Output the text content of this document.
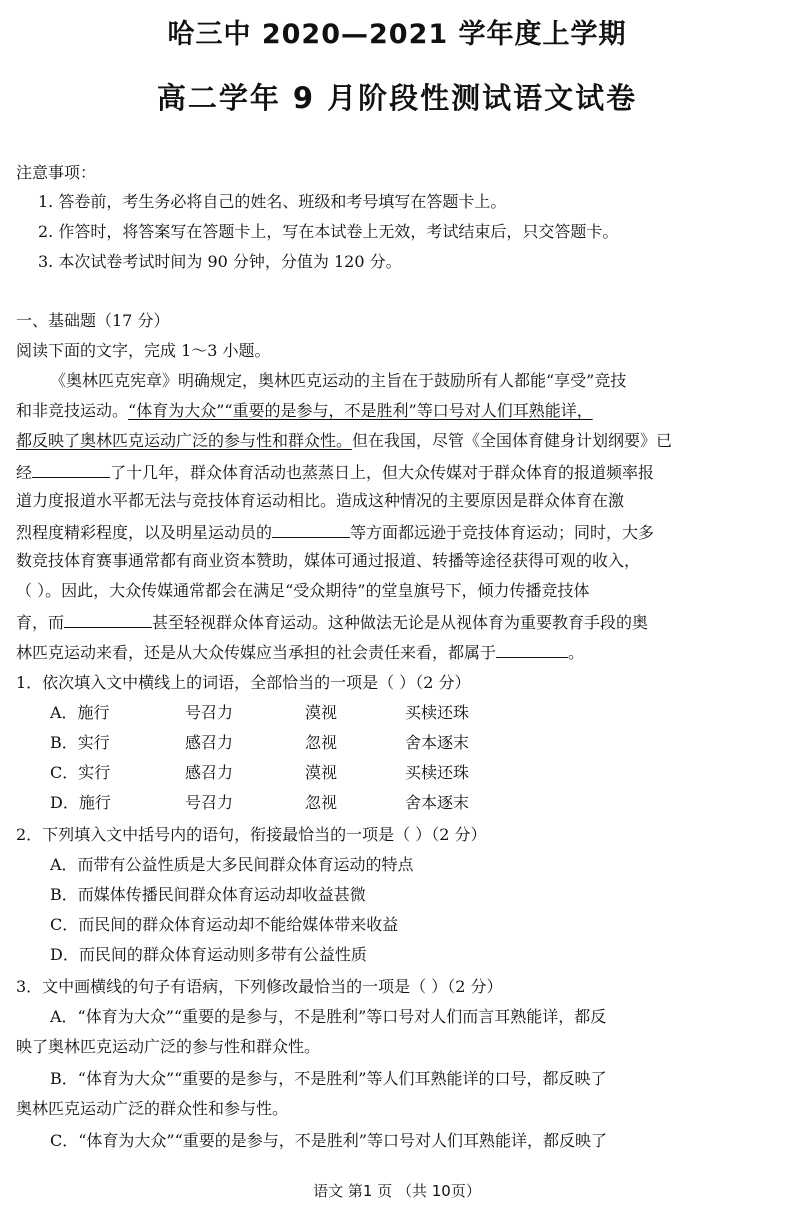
哈三中 2020—2021 学年度上学期
高二学年 9 月阶段性测试语文试卷
注意事项：
1. 答卷前，考生务必将自己的姓名、班级和考号填写在答题卡上。
2. 作答时，将答案写在答题卡上，写在本试卷上无效，考试结束后，只交答题卡。
3. 本次试卷考试时间为 90 分钟，分值为 120 分。
一、基础题（17 分）
阅读下面的文字，完成 1～3 小题。
《奥林匹克宪章》明确规定，奥林匹克运动的主旨在于鼓励所有人都能“享受”竞技
和非竞技运动。“体育为大众”“重要的是参与，不是胜利”等口号对人们耳熟能详，
都反映了奥林匹克运动广泛的参与性和群众性。但在我国，尽管《全国体育健身计划纲要》已
经	了十几年，群众体育活动也蒸蒸日上，但大众传媒对于群众体育的报道频率报
道力度报道水平都无法与竞技体育运动相比。造成这种情况的主要原因是群众体育在激
烈程度精彩程度，以及明星运动员的	等方面都远逊于竞技体育运动；同时，大多
数竞技体育赛事通常都有商业资本赞助，媒体可通过报道、转播等途径获得可观的收入，
（ ）。因此，大众传媒通常都会在满足“受众期待”的堂皇旗号下，倾力传播竞技体
育，而	甚至轻视群众体育运动。这种做法无论是从视体育为重要教育手段的奥
林匹克运动来看，还是从大众传媒应当承担的社会责任来看，都属于	。
1．依次填入文中横线上的词语，全部恰当的一项是（ ）（2 分）
A．施行	号召力	漠视	买椟还珠
B．实行	感召力	忽视	舍本逐末
C．实行	感召力	漠视	买椟还珠
D．施行	号召力	忽视	舍本逐末
2．下列填入文中括号内的语句，衔接最恰当的一项是（ ）（2 分）
A．而带有公益性质是大多民间群众体育运动的特点
B．而媒体传播民间群众体育运动却收益甚微
C．而民间的群众体育运动却不能给媒体带来收益
D．而民间的群众体育运动则多带有公益性质
3．文中画横线的句子有语病，下列修改最恰当的一项是（ ）（2 分）
A．“体育为大众”“重要的是参与，不是胜利”等口号对人们而言耳熟能详，都反
映了奥林匹克运动广泛的参与性和群众性。
B．“体育为大众”“重要的是参与，不是胜利”等人们耳熟能详的口号，都反映了
奥林匹克运动广泛的群众性和参与性。
C．“体育为大众”“重要的是参与，不是胜利”等口号对人们耳熟能详，都反映了
语文 第1 页 （共 10页）
